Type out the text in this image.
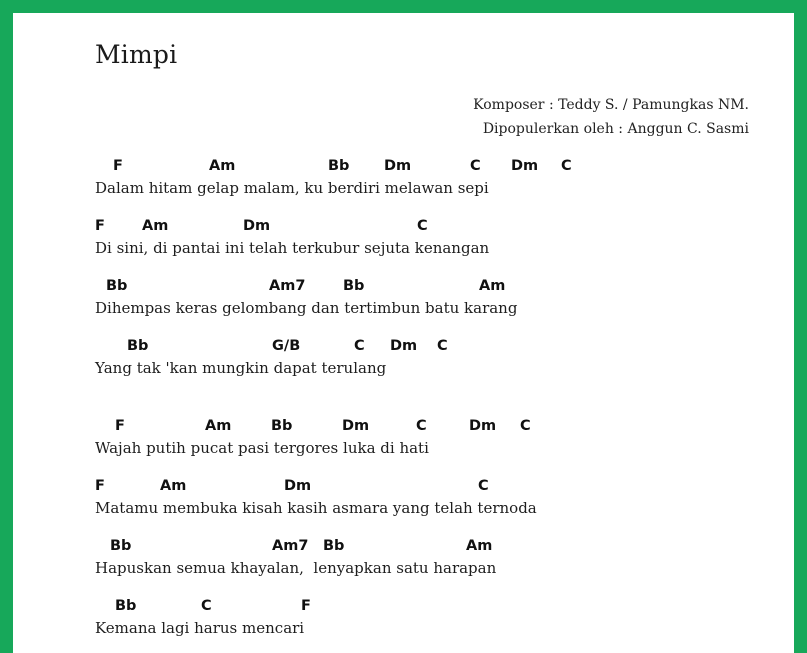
Mimpi
Komposer : Teddy S. / Pamungkas NM.
Dipopulerkan oleh : Anggun C. Sasmi
F	Am	Bb Dm	C Dm C
Dalam hitam gelap malam, ku berdiri melawan sepi
F	Am	Dm	C
Di sini, di pantai ini telah terkubur sejuta kenangan
Bb	Am7	Bb	Am
Dihempas keras gelombang dan tertimbun batu karang
Bb	G/B	C Dm C
Yang tak 'kan mungkin dapat terulang
F	Am	Bb	Dm	C	Dm C
Wajah putih pucat pasi tergores luka di hati
F	Am	Dm	C
Matamu membuka kisah kasih asmara yang telah ternoda
Bb	Am7 Bb	Am
Hapuskan semua khayalan,  lenyapkan satu harapan
Bb	C	F
Kemana lagi harus mencari
